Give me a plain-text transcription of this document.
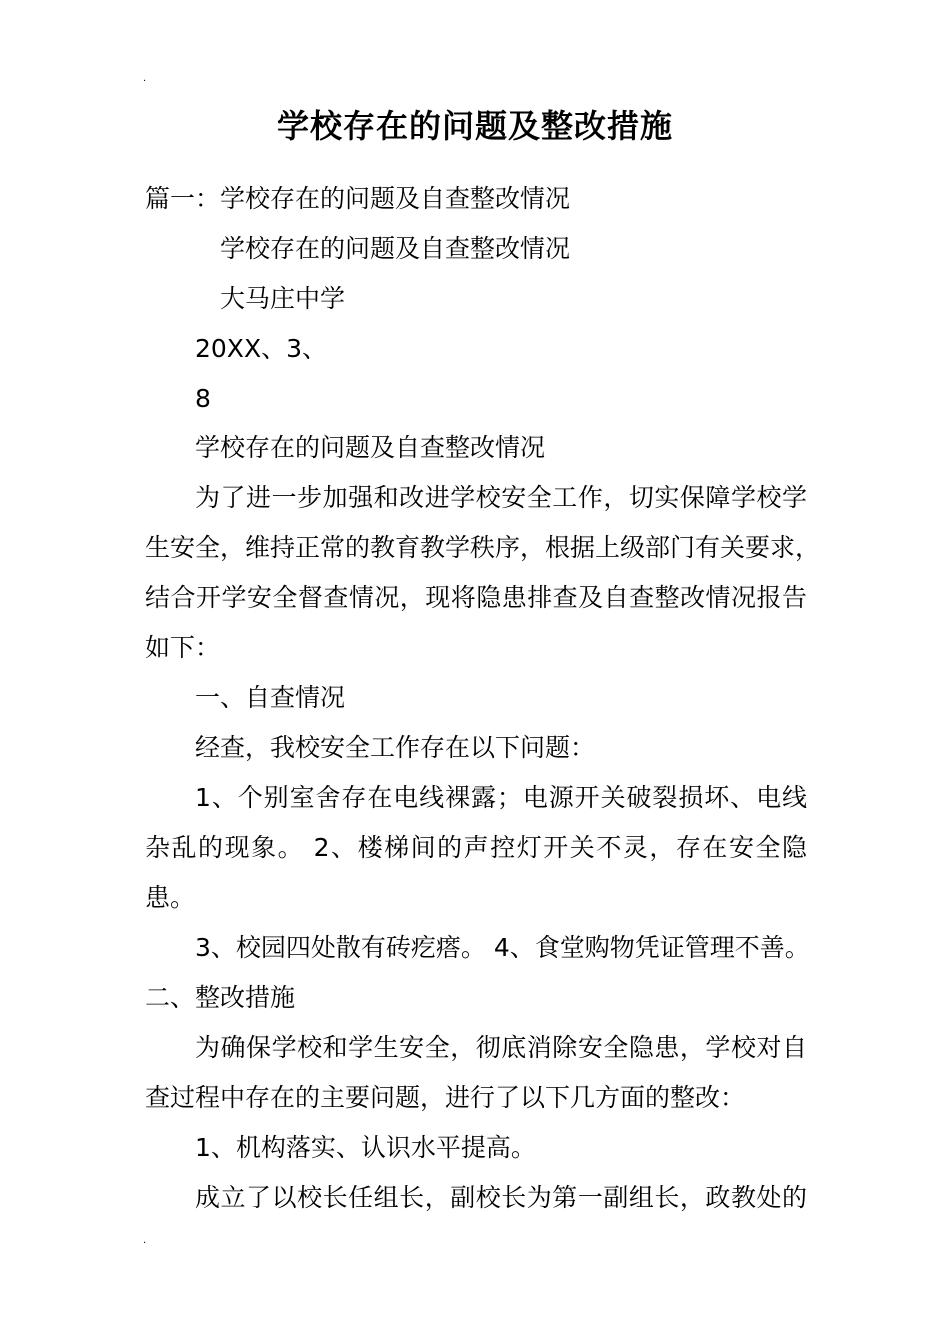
.
学校存在的问题及整改措施
篇一：学校存在的问题及自查整改情况
学校存在的问题及自查整改情况
大马庄中学
20XX、3、
8
学校存在的问题及自查整改情况
为了进一步加强和改进学校安全工作，切实保障学校学
生安全，维持正常的教育教学秩序，根据上级部门有关要求，
结合开学安全督查情况，现将隐患排查及自查整改情况报告
如下：
一、自查情况
经查，我校安全工作存在以下问题：
1、个别室舍存在电线裸露；电源开关破裂损坏、电线
杂乱的现象。 2、楼梯间的声控灯开关不灵，存在安全隐
患。
3、校园四处散有砖疙瘩。 4、食堂购物凭证管理不善。
二、整改措施
为确保学校和学生安全，彻底消除安全隐患，学校对自
查过程中存在的主要问题，进行了以下几方面的整改：
1、机构落实、认识水平提高。
成立了以校长任组长，副校长为第一副组长，政教处的
.
